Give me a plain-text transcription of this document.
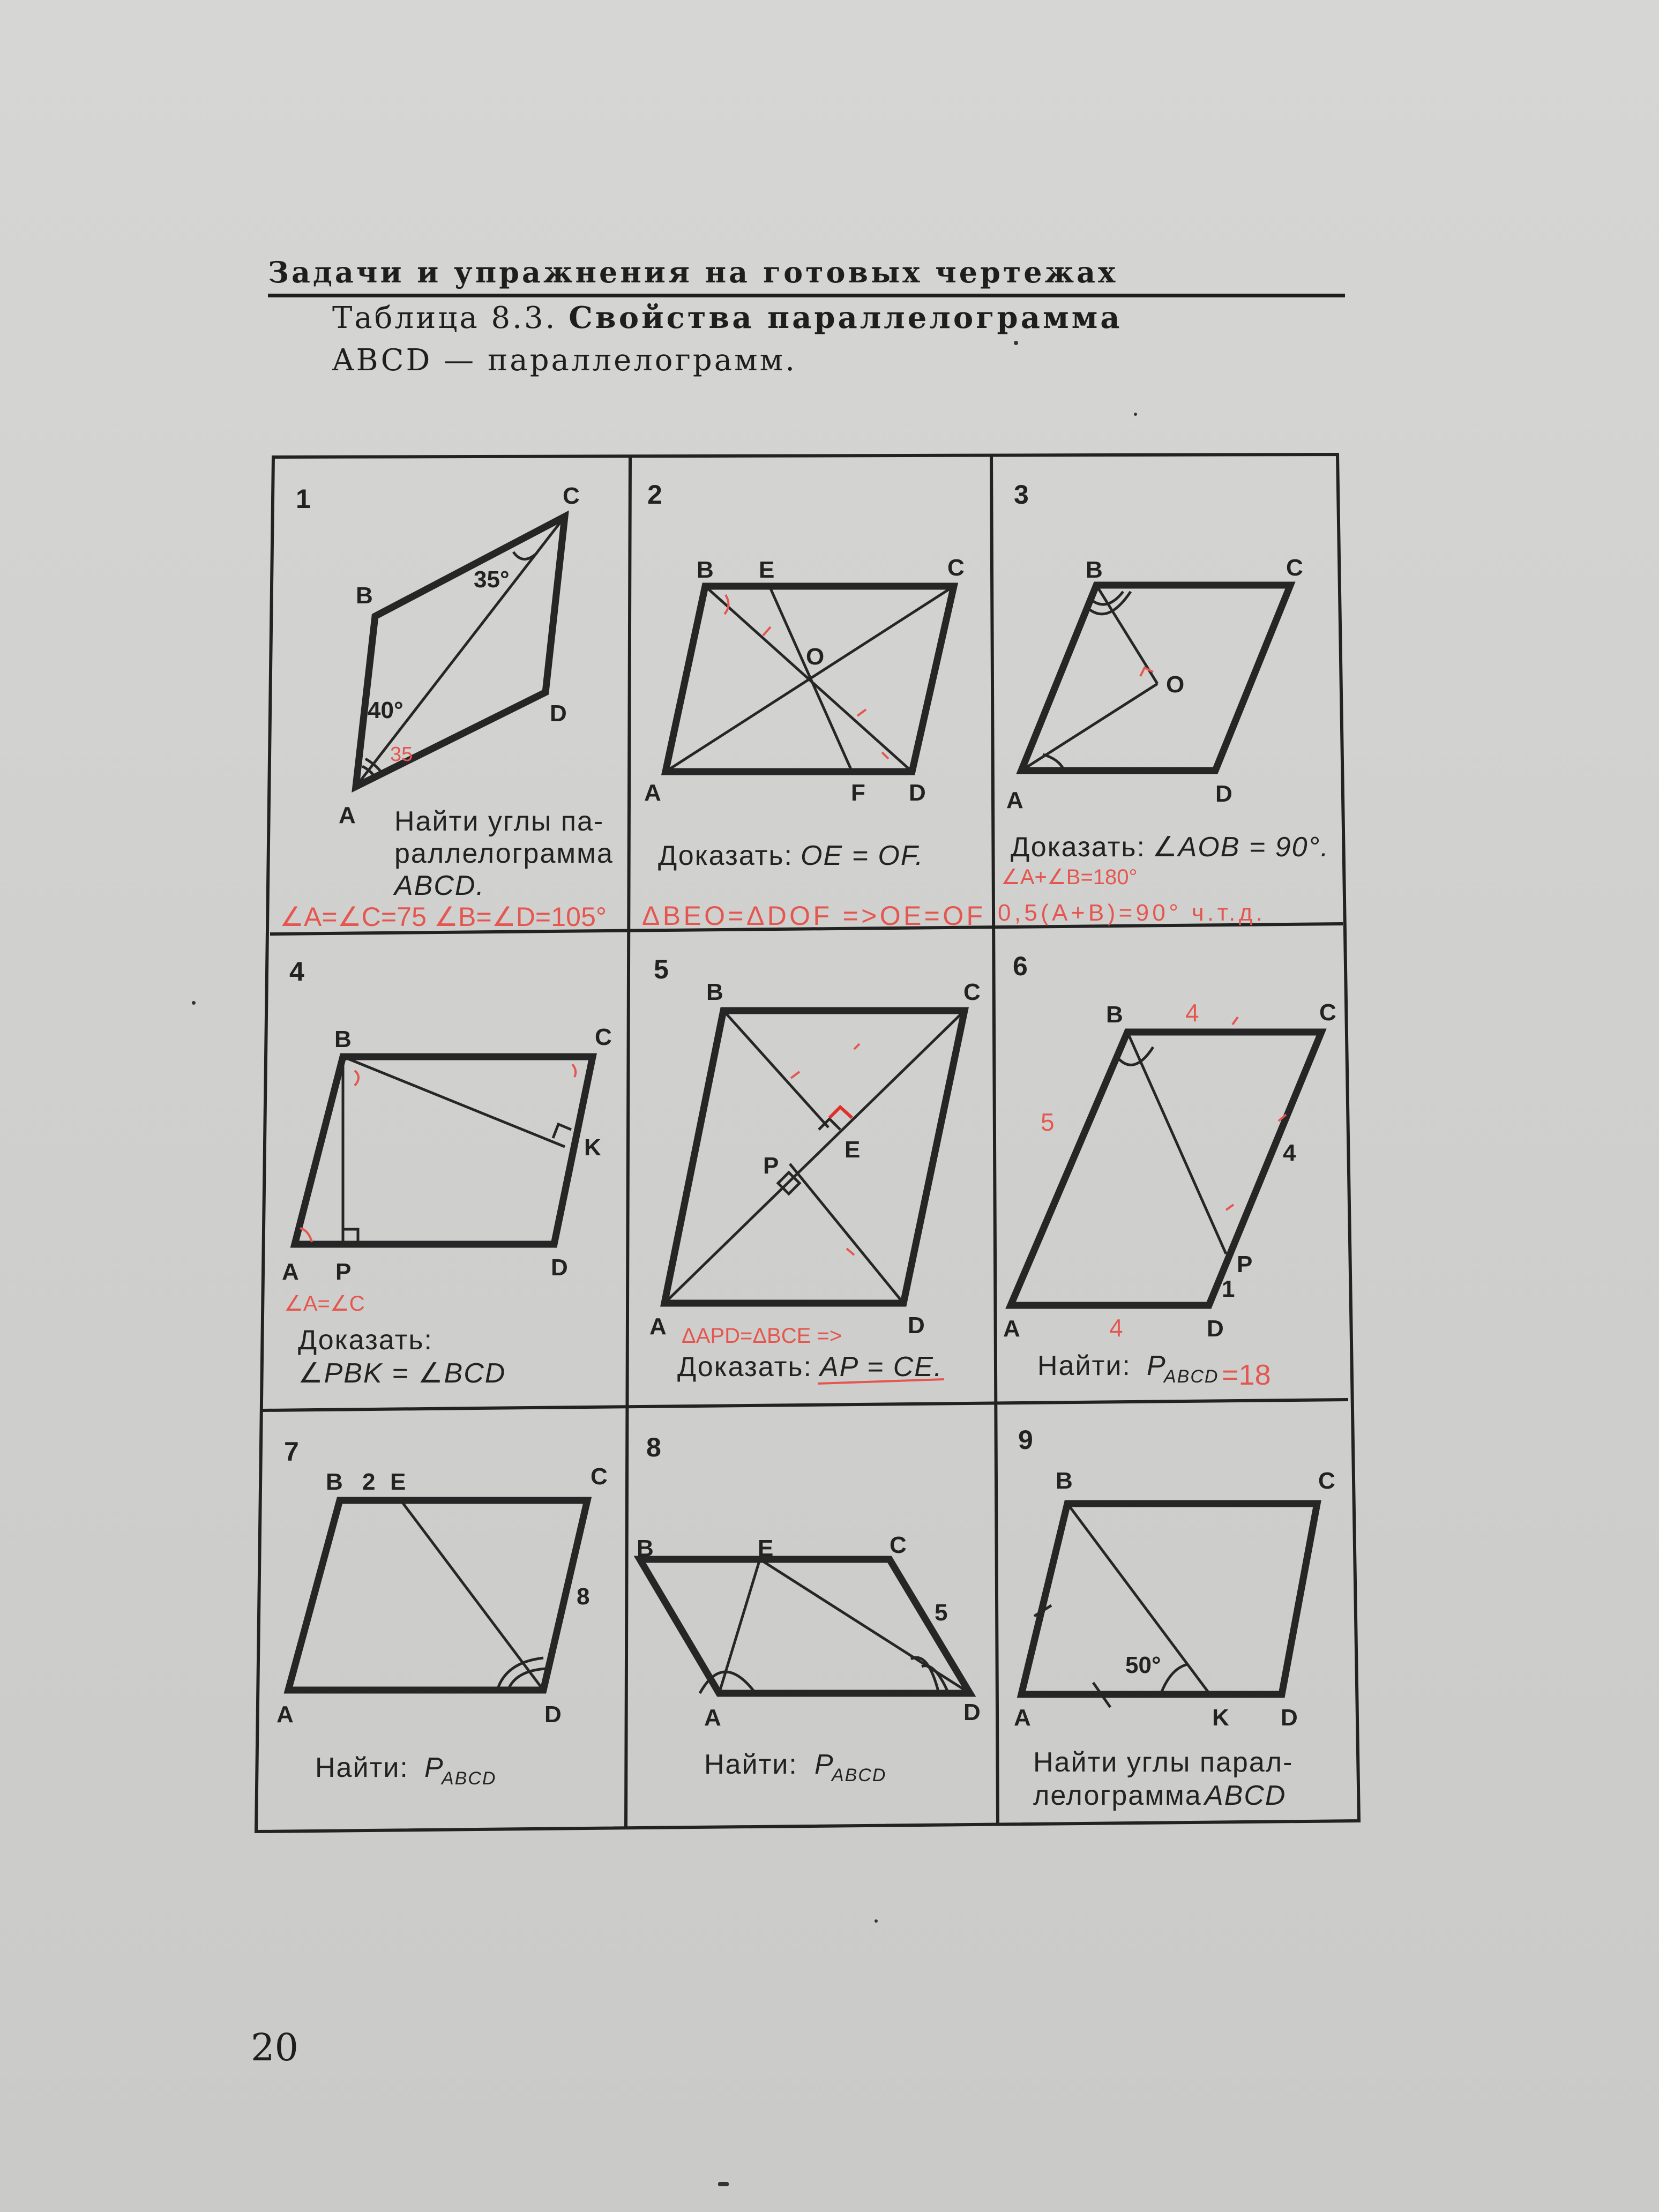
Задачи и упражнения на готовых чертежах
Таблица 8.3. Свойства параллелограмма
ABCD — параллелограмм.
1
A
B
C
D
35°
40°
35
Найти углы па-
раллелограмма
ABCD.
∠A=∠C=75 ∠B=∠D=105°
2
A
B E	C
O
F D
Доказать: OE = OF.
ΔBEO=ΔDOF =>OE=OF
3
A
B	C
D
O
Доказать: ∠AOB = 90°.
∠A+∠B=180°
0,5(A+B)=90° ч.т.д.
4
A
B	C
D
K
P
∠A=∠C
Доказать:
∠PBK = ∠BCD
5
A
B	C
D
E
P
ΔAPD=ΔBCE =>
Доказать: AP = CE.
6
A
B	C
D
P
4
1
4
5
4
Найти: P
ABCD =18
7
A
B 2 E	C
D
8
Найти: P
ABCD
8
A
B	E	C
D
5
Найти: P
ABCD
9
A
B	C
D
K
50°
Найти углы парал-
лелограмма ABCD
20
